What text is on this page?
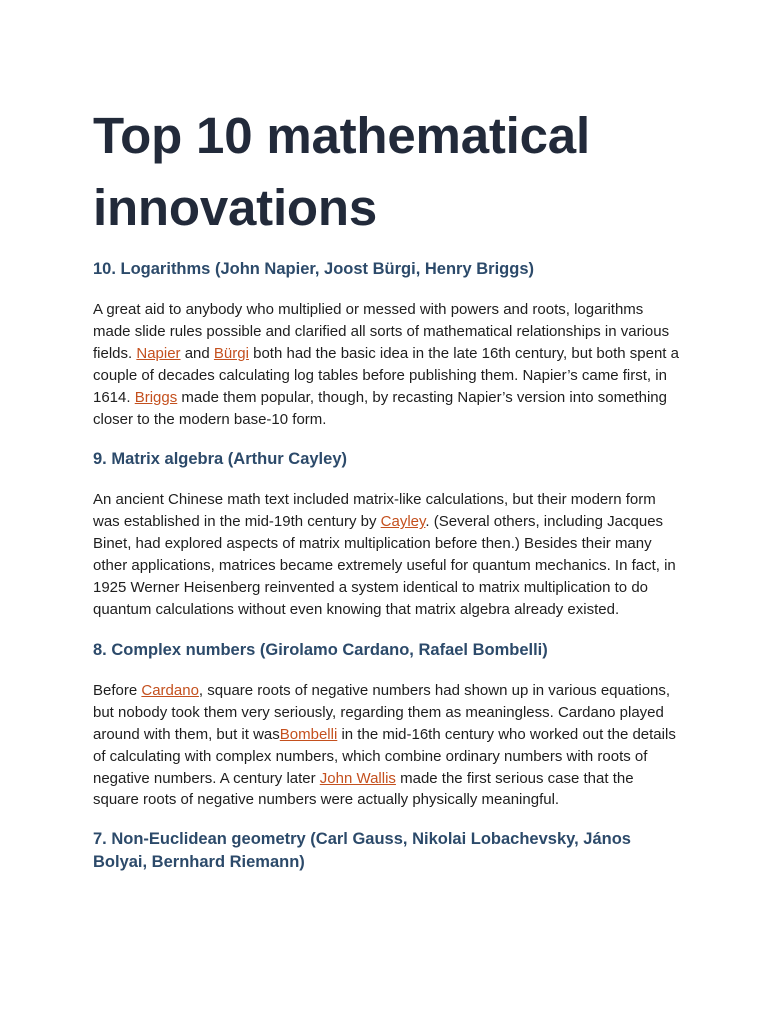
Top 10 mathematical innovations
10. Logarithms (John Napier, Joost Bürgi, Henry Briggs)

A great aid to anybody who multiplied or messed with powers and roots, logarithms made slide rules possible and clarified all sorts of mathematical relationships in various fields. Napier and Bürgi both had the basic idea in the late 16th century, but both spent a couple of decades calculating log tables before publishing them. Napier’s came first, in 1614. Briggs made them popular, though, by recasting Napier’s version into something closer to the modern base-10 form.

9. Matrix algebra (Arthur Cayley)

An ancient Chinese math text included matrix-like calculations, but their modern form was established in the mid-19th century by Cayley. (Several others, including Jacques Binet, had explored aspects of matrix multiplication before then.) Besides their many other applications, matrices became extremely useful for quantum mechanics. In fact, in 1925 Werner Heisenberg reinvented a system identical to matrix multiplication to do quantum calculations without even knowing that matrix algebra already existed.

8. Complex numbers (Girolamo Cardano, Rafael Bombelli)

Before Cardano, square roots of negative numbers had shown up in various equations, but nobody took them very seriously, regarding them as meaningless. Cardano played around with them, but it wasBombelli in the mid-16th century who worked out the details of calculating with complex numbers, which combine ordinary numbers with roots of negative numbers. A century later John Wallis made the first serious case that the square roots of negative numbers were actually physically meaningful.

7. Non-Euclidean geometry (Carl Gauss, Nikolai Lobachevsky, János Bolyai, Bernhard Riemann)
